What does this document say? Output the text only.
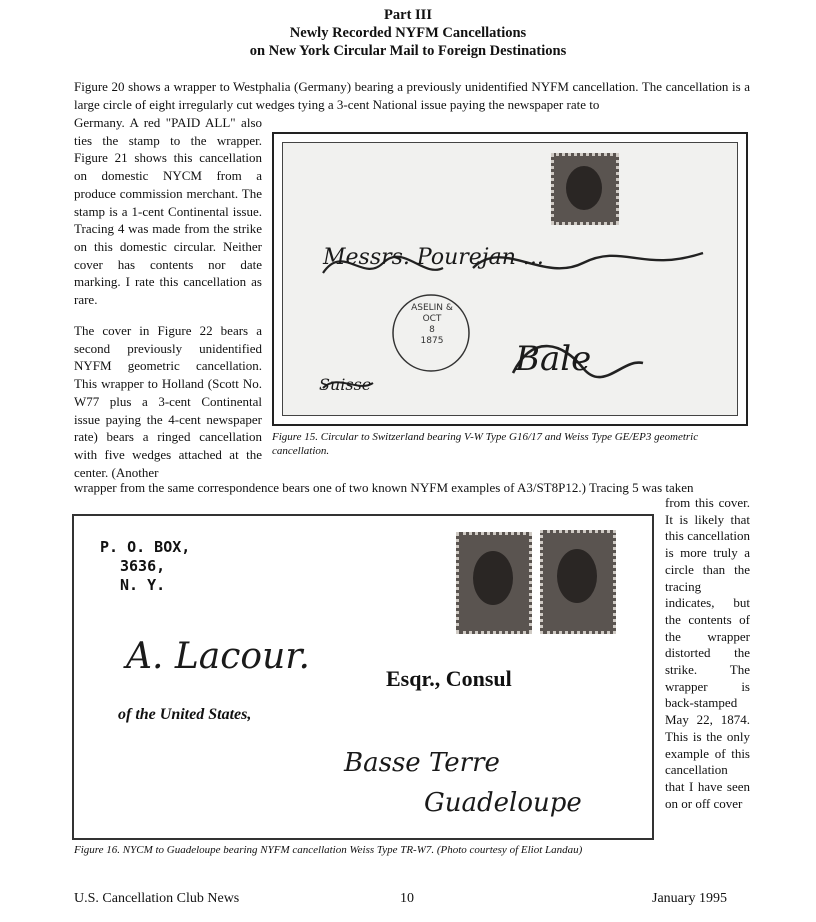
Part III
Newly Recorded NYFM Cancellations
on New York Circular Mail to Foreign Destinations

Figure 20 shows a wrapper to Westphalia (Germany) bearing a previously unidentified NYFM cancellation. The cancellation is a large circle of eight irregularly cut wedges tying a 3-cent National issue paying the newspaper rate to

Germany. A red "PAID ALL" also ties the stamp to the wrapper. Figure 21 shows this cancellation on domestic NYCM from a produce commission merchant. The stamp is a 1-cent Continental issue. Tracing 4 was made from the strike on this domestic circular. Neither cover has contents nor date marking. I rate this cancellation as rare.

The cover in Figure 22 bears a second previously unidentified NYFM geometric cancellation. This wrapper to Holland (Scott No. W77 plus a 3-cent Continental issue paying the 4-cent newspaper rate) bears a ringed cancellation with five wedges attached at the center. (Another

wrapper from the same correspondence bears one of two known NYFM examples of A3/ST8P12.) Tracing 5 was taken

from this cover. It is likely that this cancellation is more truly a circle than the tracing indicates, but the contents of the wrapper distorted the strike. The wrapper is back-stamped May 22, 1874. This is the only example of this cancellation that I have seen on or off cover

ASELIN &
OCT
8
1875
Messrs. Pourejan ...
Bale
Suisse

Figure 15. Circular to Switzerland bearing V-W Type G16/17 and Weiss Type GE/EP3 geometric cancellation.

P. O. BOX,
3636,
N. Y.
A. Lacour.
Esqr., Consul
of the United States,
Basse Terre
Guadeloupe

Figure 16. NYCM to Guadeloupe bearing NYFM cancellation Weiss Type TR-W7. (Photo courtesy of Eliot Landau)

U.S. Cancellation Club News	10	January 1995
